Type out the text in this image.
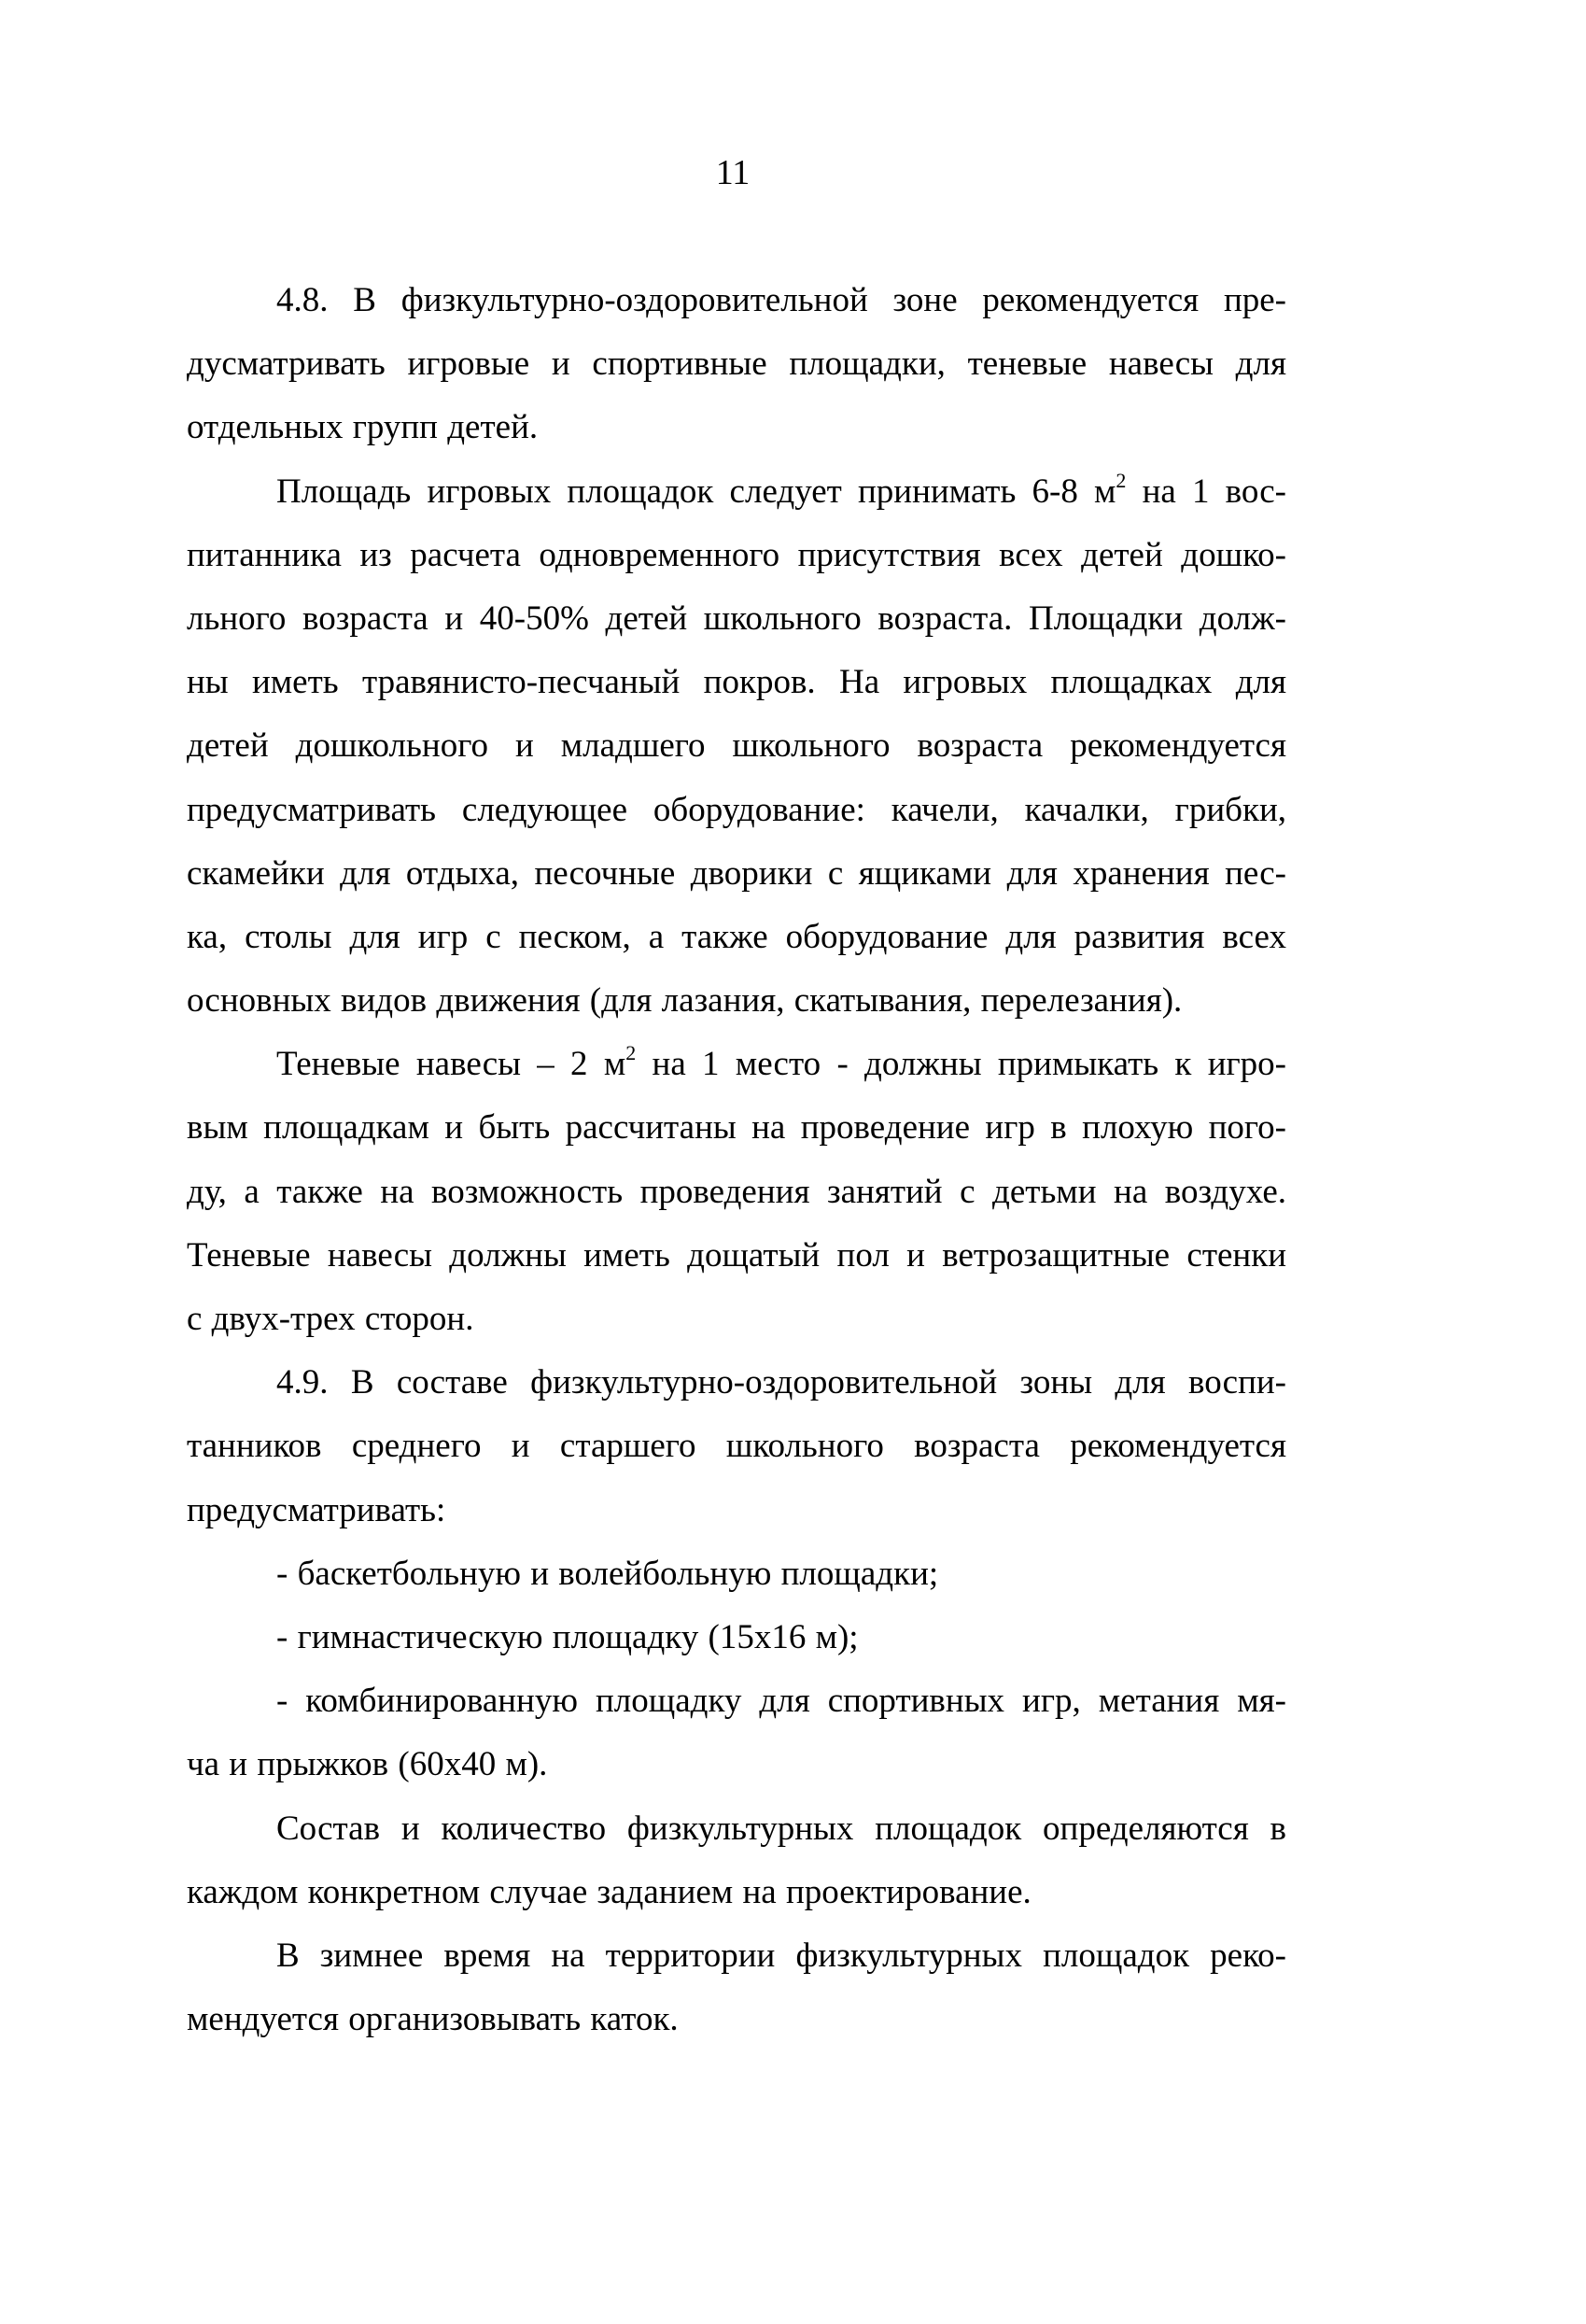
11
4.8. В физкультурно-оздоровительной зоне рекомендуется пре-
дусматривать игровые и спортивные площадки, теневые навесы для
отдельных групп детей.
Площадь игровых площадок следует принимать 6-8 $м^2$ на 1 вос-
питанника из расчета одновременного присутствия всех детей дошко-
льного возраста и 40-50% детей школьного возраста. Площадки долж-
ны иметь травянисто-песчаный покров. На игровых площадках для
детей дошкольного и младшего школьного возраста рекомендуется
предусматривать следующее оборудование: качели, качалки, грибки,
скамейки для отдыха, песочные дворики с ящиками для хранения пес-
ка, столы для игр с песком, а также оборудование для развития всех
основных видов движения (для лазания, скатывания, перелезания).
Теневые навесы – 2 $м^2$ на 1 место - должны примыкать к игро-
вым площадкам и быть рассчитаны на проведение игр в плохую пого-
ду, а также на возможность проведения занятий с детьми на воздухе.
Теневые навесы должны иметь дощатый пол и ветрозащитные стенки
с двух-трех сторон.
4.9. В составе физкультурно-оздоровительной зоны для воспи-
танников среднего и старшего школьного возраста рекомендуется
предусматривать:
- баскетбольную и волейбольную площадки;
- гимнастическую площадку (15х16 м);
- комбинированную площадку для спортивных игр, метания мя-
ча и прыжков (60х40 м).
Состав и количество физкультурных площадок определяются в
каждом конкретном случае заданием на проектирование.
В зимнее время на территории физкультурных площадок реко-
мендуется организовывать каток.
